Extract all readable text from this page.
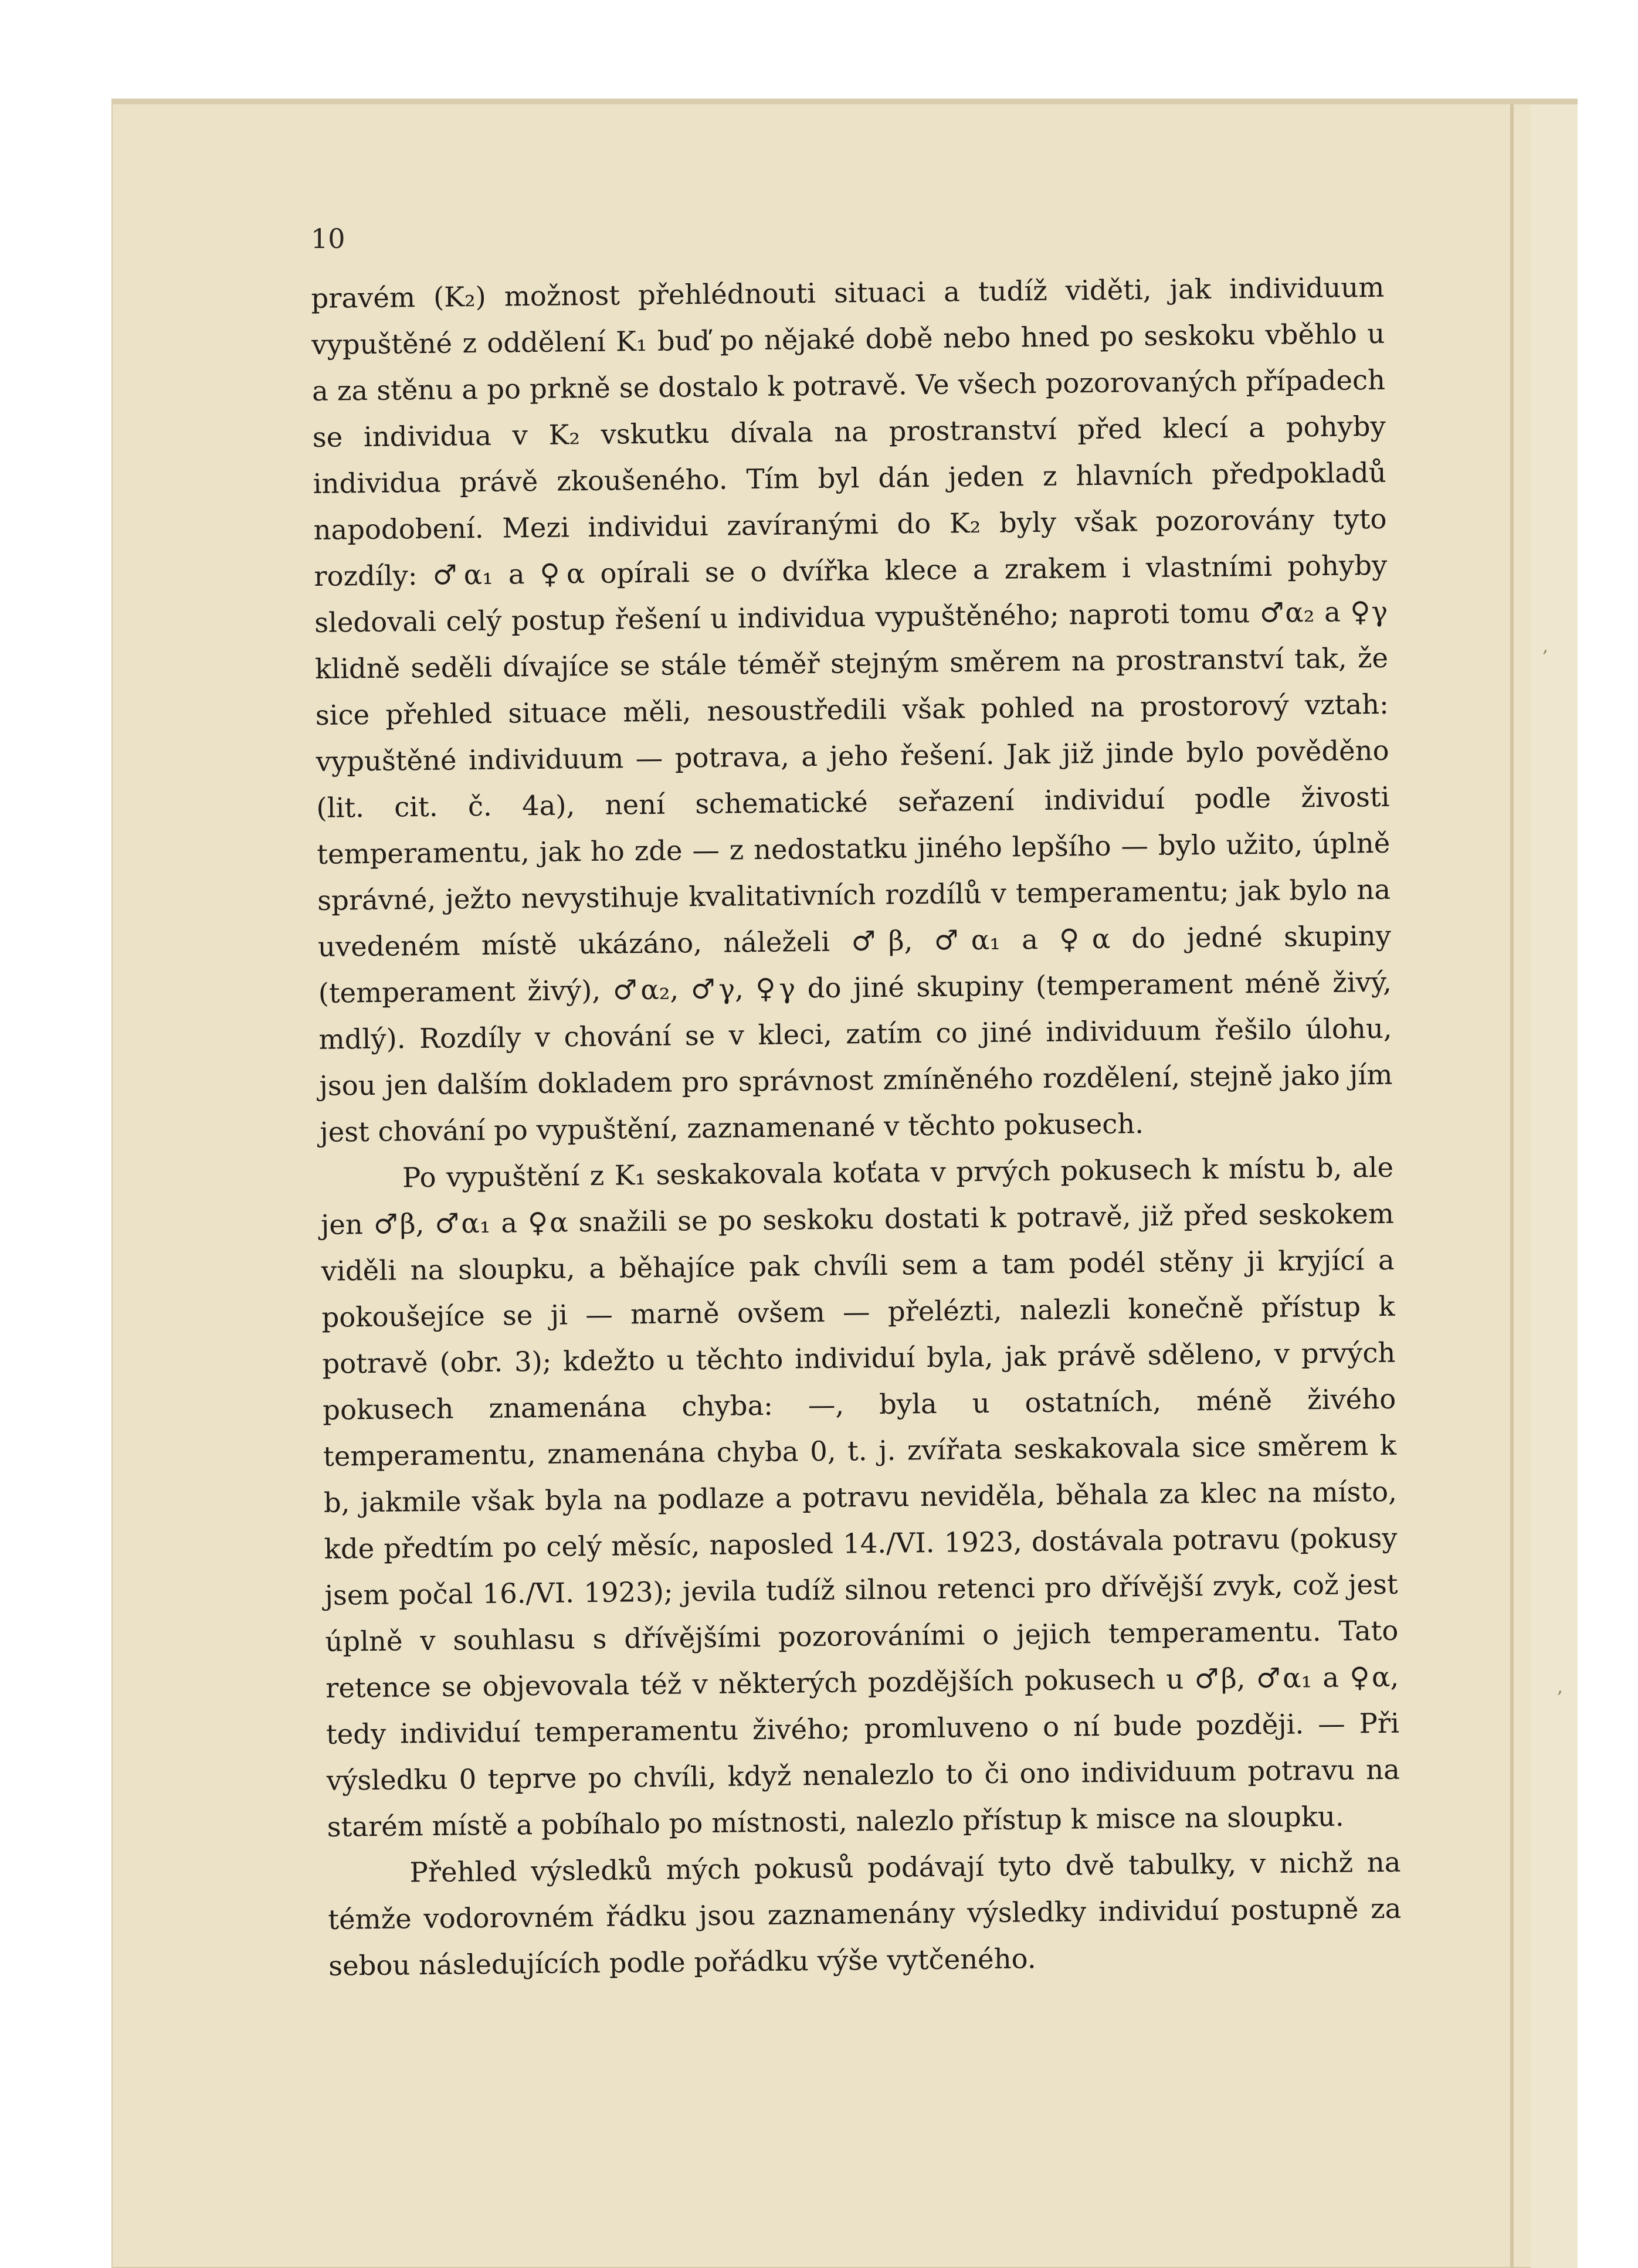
10

pravém (K₂) možnost přehlédnouti situaci a tudíž viděti, jak individuum vypuštěné z oddělení K₁ buď po nějaké době nebo hned po seskoku vběhlo u a za stěnu a po prkně se dostalo k potravě. Ve všech pozorovaných případech se individua v K₂ vskutku dívala na prostranství před klecí a pohyby individua právě zkoušeného. Tím byl dán jeden z hlavních předpokladů napodobení. Mezi individui zavíranými do K₂ byly však pozorovány tyto rozdíly: ♂α₁ a ♀α opírali se o dvířka klece a zrakem i vlastními pohyby sledovali celý postup řešení u individua vypuštěného; naproti tomu ♂α₂ a ♀γ klidně seděli dívajíce se stále téměř stejným směrem na prostranství tak, že sice přehled situace měli, nesoustředili však pohled na prostorový vztah: vypuštěné individuum — potrava, a jeho řešení. Jak již jinde bylo pověděno (lit. cit. č. 4a), není schematické seřazení individuí podle živosti temperamentu, jak ho zde — z nedostatku jiného lepšího — bylo užito, úplně správné, ježto nevystihuje kvalitativních rozdílů v temperamentu; jak bylo na uvedeném místě ukázáno, náleželi ♂β, ♂α₁ a ♀α do jedné skupiny (temperament živý), ♂α₂, ♂γ, ♀γ do jiné skupiny (temperament méně živý, mdlý). Rozdíly v chování se v kleci, zatím co jiné individuum řešilo úlohu, jsou jen dalším dokladem pro správnost zmíněného rozdělení, stejně jako jím jest chování po vypuštění, zaznamenané v těchto pokusech.

Po vypuštění z K₁ seskakovala koťata v prvých pokusech k místu b, ale jen ♂β, ♂α₁ a ♀α snažili se po seskoku dostati k potravě, již před seskokem viděli na sloupku, a běhajíce pak chvíli sem a tam podél stěny ji kryjící a pokoušejíce se ji — marně ovšem — přelézti, nalezli konečně přístup k potravě (obr. 3); kdežto u těchto individuí byla, jak právě sděleno, v prvých pokusech znamenána chyba: —, byla u ostatních, méně živého temperamentu, znamenána chyba 0, t. j. zvířata seskakovala sice směrem k b, jakmile však byla na podlaze a potravu neviděla, běhala za klec na místo, kde předtím po celý měsíc, naposled 14./VI. 1923, dostávala potravu (pokusy jsem počal 16./VI. 1923); jevila tudíž silnou retenci pro dřívější zvyk, což jest úplně v souhlasu s dřívějšími pozorováními o jejich temperamentu. Tato retence se objevovala též v některých pozdějších pokusech u ♂β, ♂α₁ a ♀α, tedy individuí temperamentu živého; promluveno o ní bude později. — Při výsledku 0 teprve po chvíli, když nenalezlo to či ono individuum potravu na starém místě a pobíhalo po místnosti, nalezlo přístup k misce na sloupku.

Přehled výsledků mých pokusů podávají tyto dvě tabulky, v nichž na témže vodorovném řádku jsou zaznamenány výsledky individuí postupně za sebou následujících podle pořádku výše vytčeného.

‚
‚
